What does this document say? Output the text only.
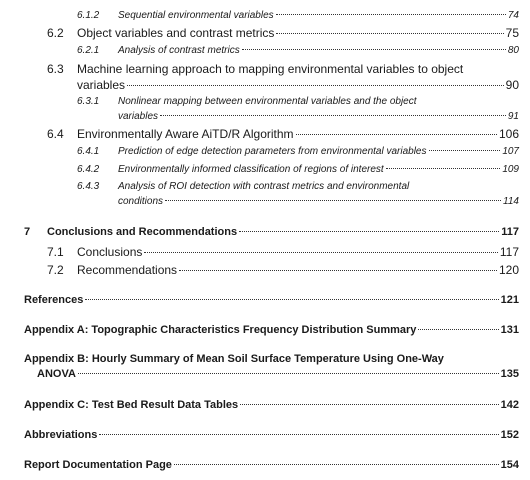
6.1.2	Sequential environmental variables	74
6.2	Object variables and contrast metrics	75
6.2.1	Analysis of contrast metrics	80
6.3	Machine learning approach to mapping environmental variables to object
variables	90
6.3.1	Nonlinear mapping between environmental variables and the object
variables	91
6.4	Environmentally Aware AiTD/R Algorithm	106
6.4.1	Prediction of edge detection parameters from environmental variables	107
6.4.2	Environmentally informed classification of regions of interest	109
6.4.3	Analysis of ROI detection with contrast metrics and environmental
conditions	114
7	Conclusions and Recommendations	117
7.1	Conclusions	117
7.2	Recommendations	120
References	121
Appendix A: Topographic Characteristics Frequency Distribution Summary	131
Appendix B: Hourly Summary of Mean Soil Surface Temperature Using One-Way
ANOVA	135
Appendix C: Test Bed Result Data Tables	142
Abbreviations	152
Report Documentation Page	154
